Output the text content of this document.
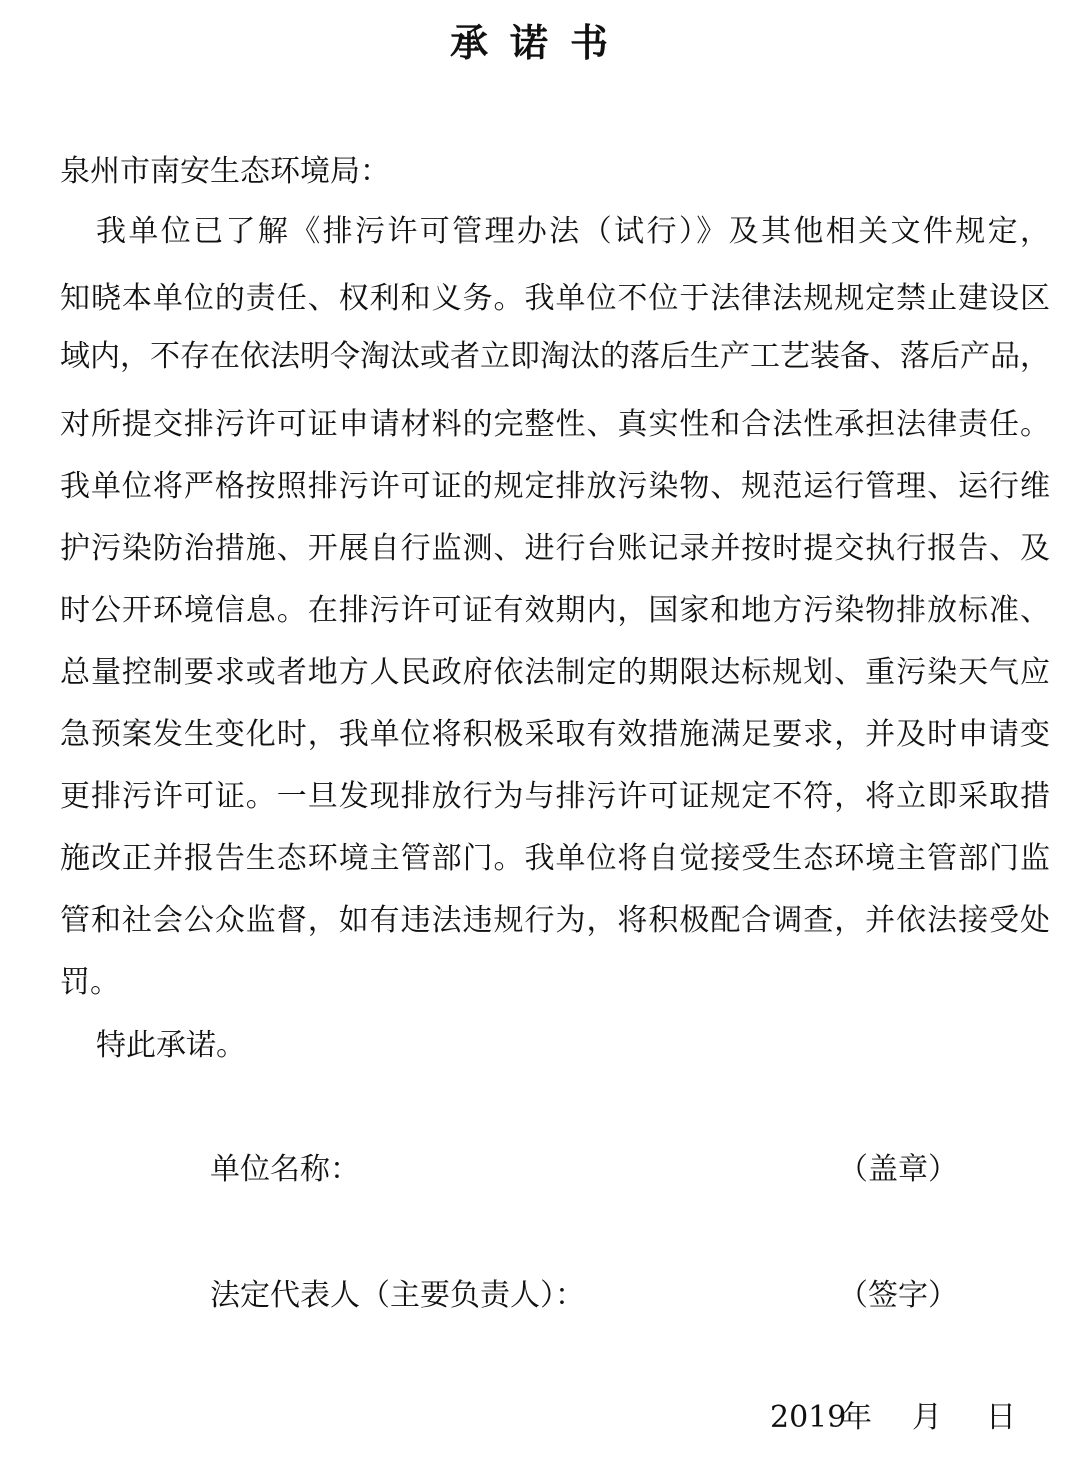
承诺书
泉州市南安生态环境局：
我单位已了解《排污许可管理办法（试行）》及其他相关文件规定，
知晓本单位的责任、权利和义务。我单位不位于法律法规规定禁止建设区
域内，不存在依法明令淘汰或者立即淘汰的落后生产工艺装备、落后产品，
对所提交排污许可证申请材料的完整性、真实性和合法性承担法律责任。
我单位将严格按照排污许可证的规定排放污染物、规范运行管理、运行维
护污染防治措施、开展自行监测、进行台账记录并按时提交执行报告、及
时公开环境信息。在排污许可证有效期内，国家和地方污染物排放标准、
总量控制要求或者地方人民政府依法制定的期限达标规划、重污染天气应
急预案发生变化时，我单位将积极采取有效措施满足要求，并及时申请变
更排污许可证。一旦发现排放行为与排污许可证规定不符，将立即采取措
施改正并报告生态环境主管部门。我单位将自觉接受生态环境主管部门监
管和社会公众监督，如有违法违规行为，将积极配合调查，并依法接受处
罚。
特此承诺。
单位名称：	（盖章）
法定代表人（主要负责人）：	（签字）
2019年 月 日
